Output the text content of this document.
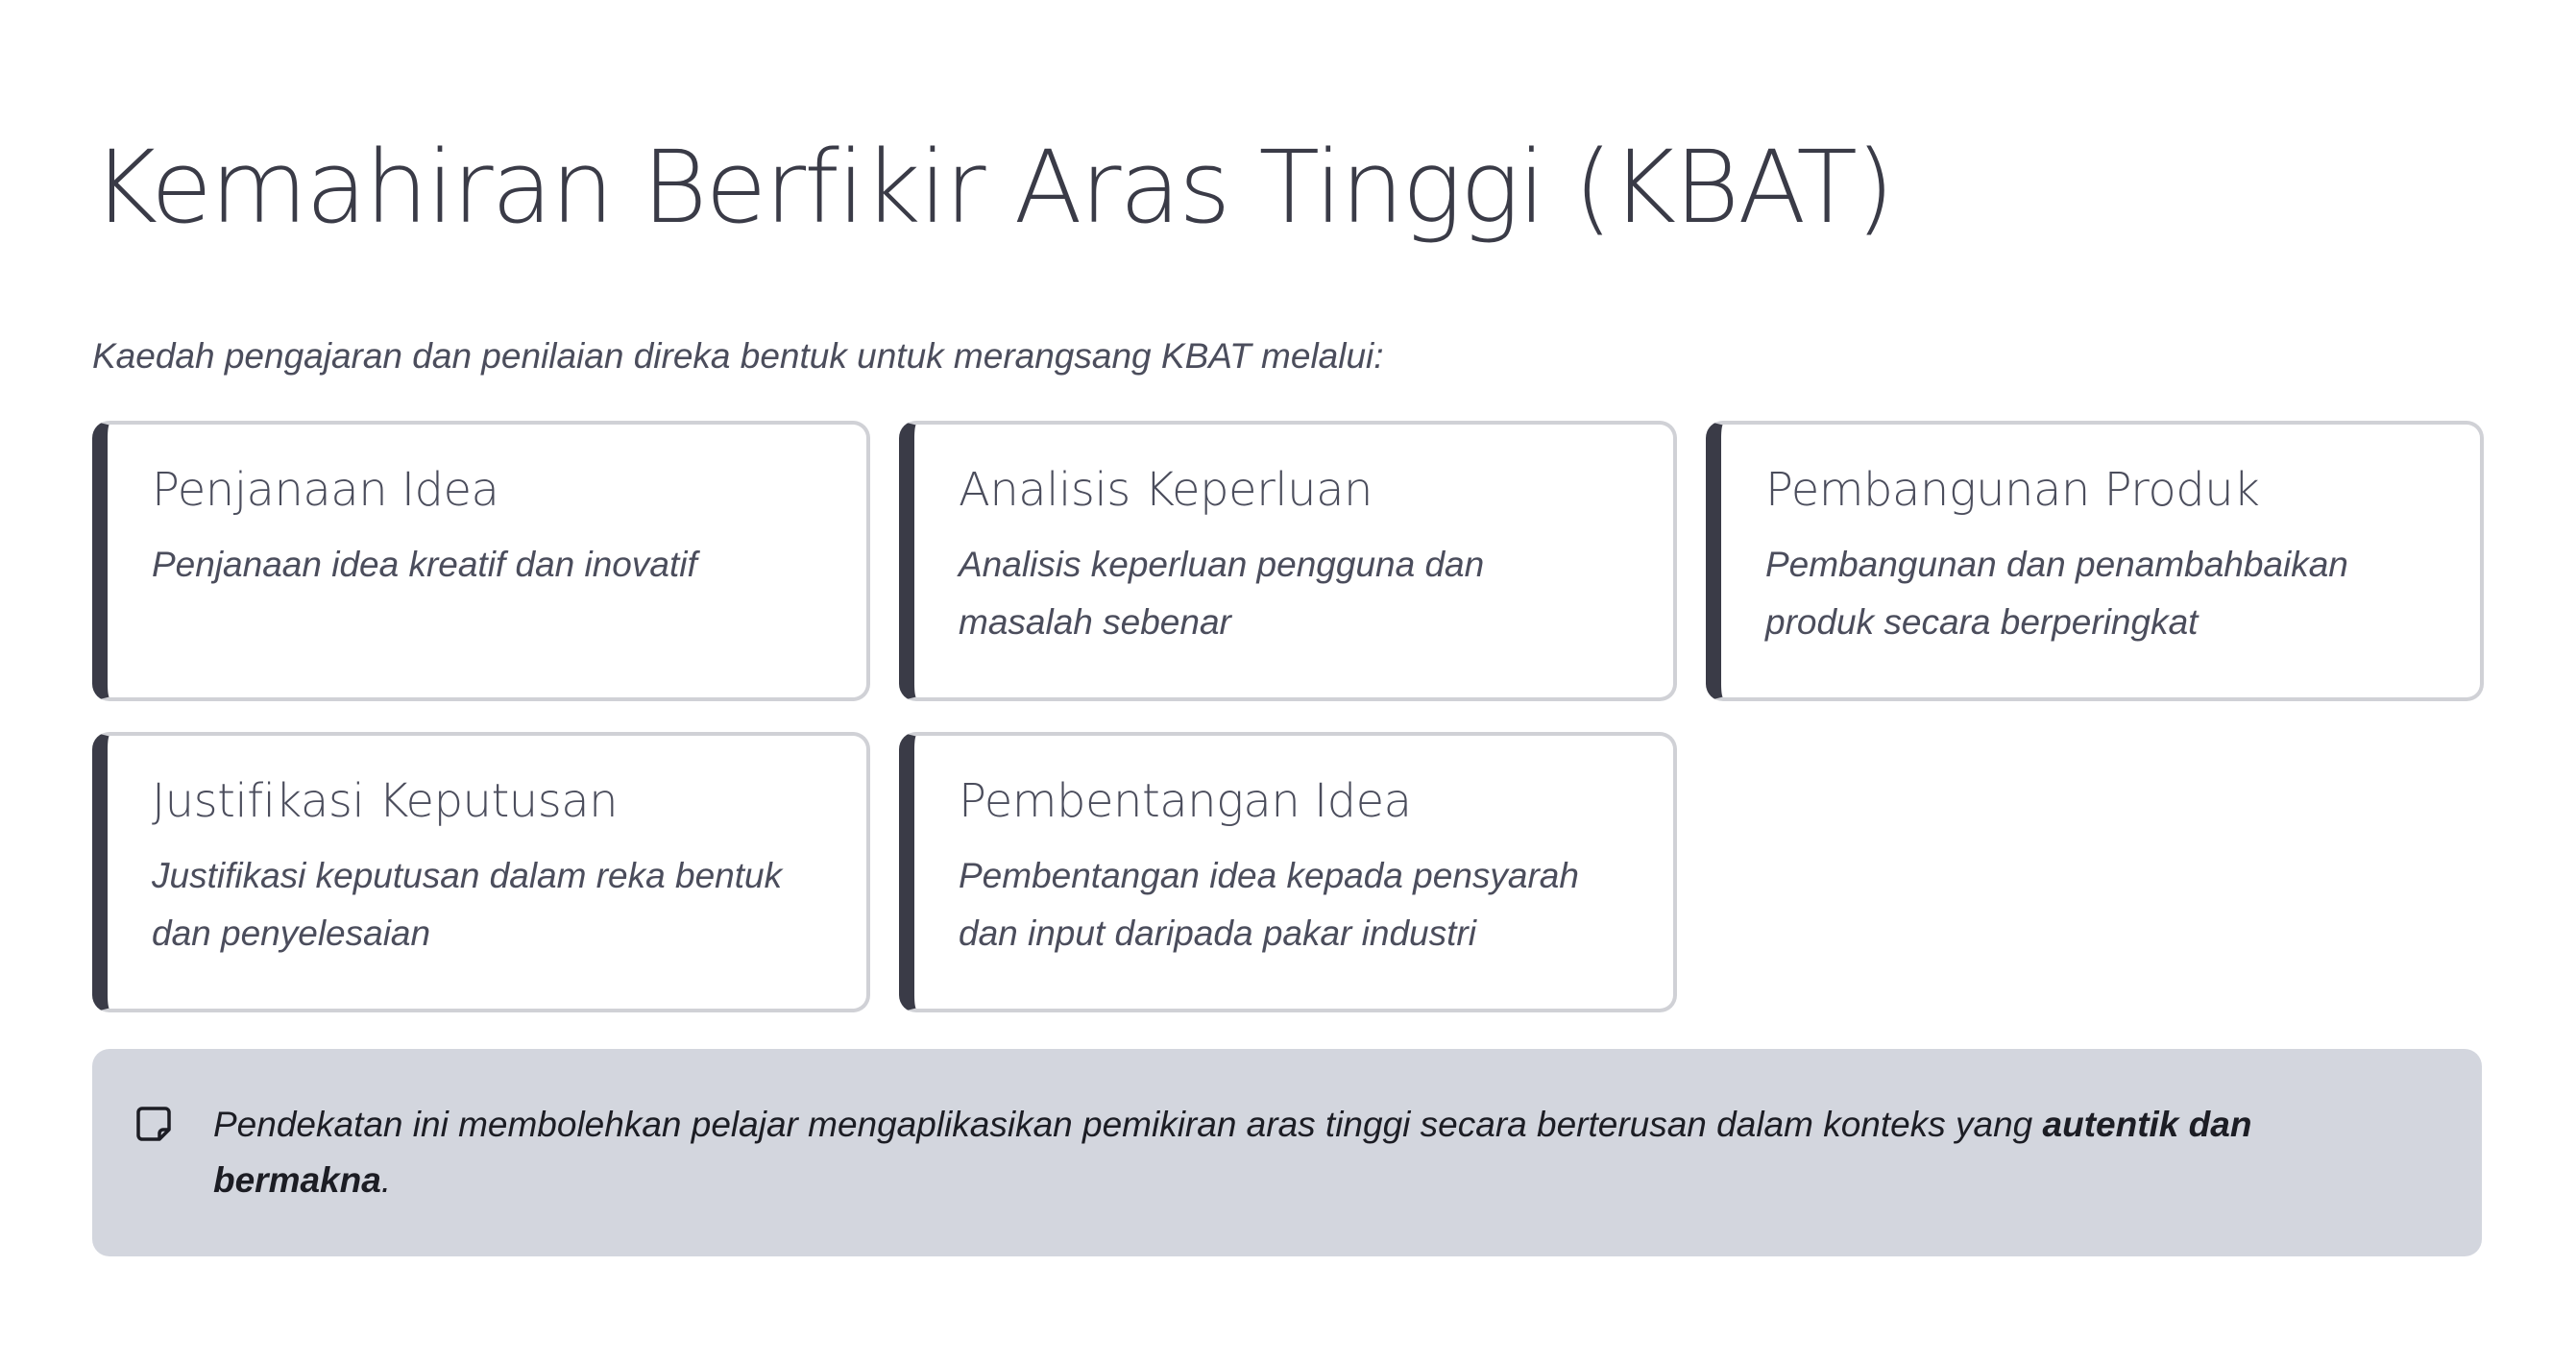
Kemahiran Berfikir Aras Tinggi (KBAT)

Kaedah pengajaran dan penilaian direka bentuk untuk merangsang KBAT melalui:

Penjanaan Idea

Penjanaan idea kreatif dan inovatif

Analisis Keperluan

Analisis keperluan pengguna dan masalah sebenar

Pembangunan Produk

Pembangunan dan penambahbaikan produk secara berperingkat

Justifikasi Keputusan

Justifikasi keputusan dalam reka bentuk dan penyelesaian

Pembentangan Idea

Pembentangan idea kepada pensyarah dan input daripada pakar industri

Pendekatan ini membolehkan pelajar mengaplikasikan pemikiran aras tinggi secara berterusan dalam konteks yang autentik dan bermakna.
